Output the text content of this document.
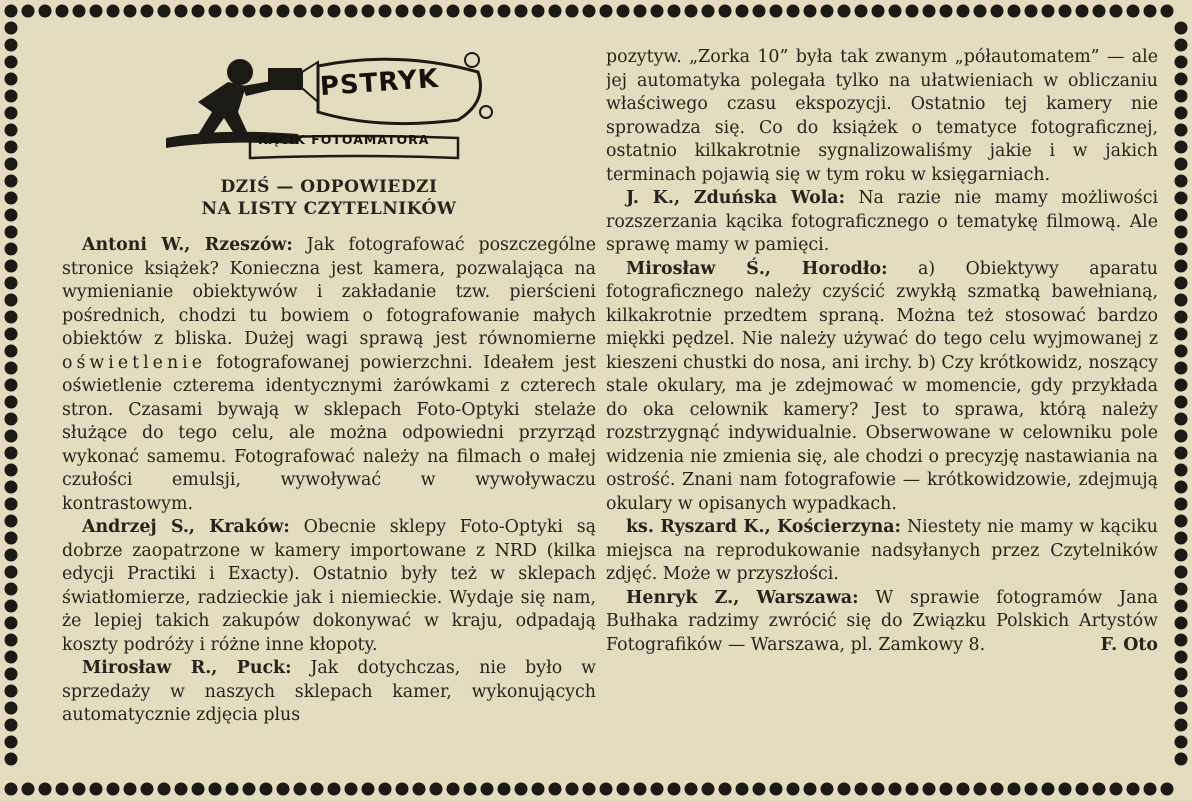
PSTRYK
KĄCIK FOTOAMATORA
DZIŚ — ODPOWIEDZI
NA LISTY CZYTELNIKÓW

Antoni W., Rzeszów: Jak fotografować poszczególne stronice książek? Konieczna jest kamera, pozwalająca na wymienianie obiektywów i zakładanie tzw. pierścieni pośrednich, chodzi tu bowiem o fotografowanie małych obiektów z bliska. Dużej wagi sprawą jest równomierne oświetlenie fotografowanej powierzchni. Ideałem jest oświetlenie czterema identycznymi żarówkami z czterech stron. Czasami bywają w sklepach Foto-Optyki stelaże służące do tego celu, ale można odpowiedni przyrząd wykonać samemu. Fotografować należy na filmach o małej czułości emulsji, wywoływać w wywoływaczu kontrastowym.

Andrzej S., Kraków: Obecnie sklepy Foto-Optyki są dobrze zaopatrzone w kamery importowane z NRD (kilka edycji Practiki i Exacty). Ostatnio były też w sklepach światłomierze, radzieckie jak i niemieckie. Wydaje się nam, że lepiej takich zakupów dokonywać w kraju, odpadają koszty podróży i różne inne kłopoty.

Mirosław R., Puck: Jak dotychczas, nie było w sprzedaży w naszych sklepach kamer, wykonujących automatycznie zdjęcia plus

pozytyw. „Zorka 10” była tak zwanym „półautomatem” — ale jej automatyka polegała tylko na ułatwieniach w obliczaniu właściwego czasu ekspozycji. Ostatnio tej kamery nie sprowadza się. Co do książek o tematyce fotograficznej, ostatnio kilkakrotnie sygnalizowaliśmy jakie i w jakich terminach pojawią się w tym roku w księgarniach.

J. K., Zduńska Wola: Na razie nie mamy możliwości rozszerzania kącika fotograficznego o tematykę filmową. Ale sprawę mamy w pamięci.

Mirosław Ś., Horodło: a) Obiektywy aparatu fotograficznego należy czyścić zwykłą szmatką bawełnianą, kilkakrotnie przedtem spraną. Można też stosować bardzo miękki pędzel. Nie należy używać do tego celu wyjmowanej z kieszeni chustki do nosa, ani irchy. b) Czy krótkowidz, noszący stale okulary, ma je zdejmować w momencie, gdy przykłada do oka celownik kamery? Jest to sprawa, którą należy rozstrzygnąć indywidualnie. Obserwowane w celowniku pole widzenia nie zmienia się, ale chodzi o precyzję nastawiania na ostrość. Znani nam fotografowie — krótkowidzowie, zdejmują okulary w opisanych wypadkach.

ks. Ryszard K., Kościerzyna: Niestety nie mamy w kąciku miejsca na reprodukowanie nadsyłanych przez Czytelników zdjęć. Może w przyszłości.

Henryk Z., Warszawa: W sprawie fotogramów Jana Bułhaka radzimy zwrócić się do Związku Polskich Artystów Fotografików — Warszawa, pl. Zamkowy 8.	F. Oto
